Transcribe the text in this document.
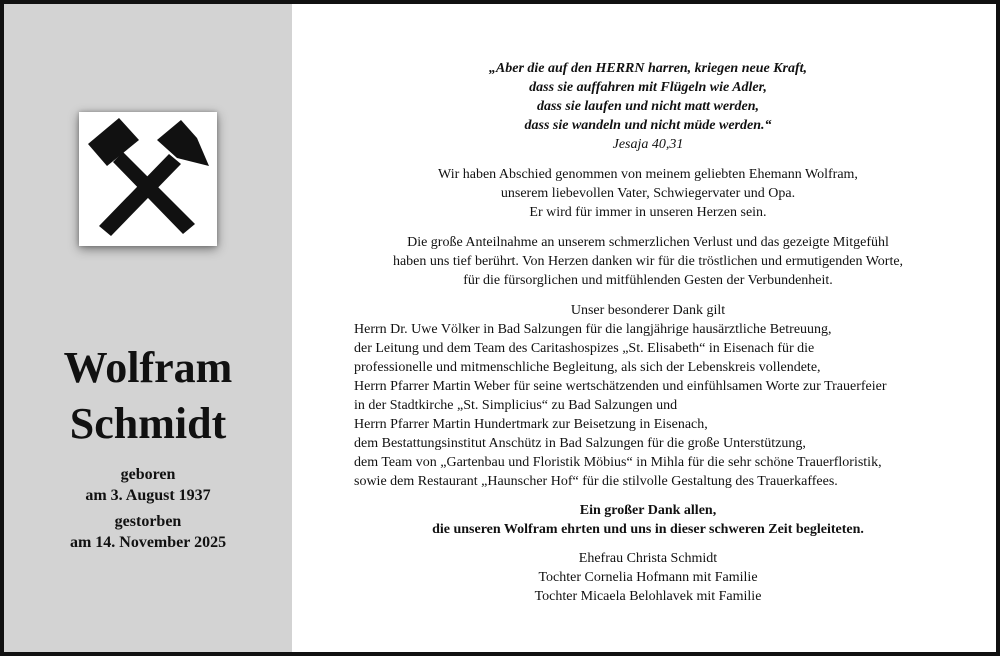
Wolfram
Schmidt
geboren
am 3. August 1937
gestorben
am 14. November 2025
„Aber die auf den HERRN harren, kriegen neue Kraft,
dass sie auffahren mit Flügeln wie Adler,
dass sie laufen und nicht matt werden,
dass sie wandeln und nicht müde werden.“
Jesaja 40,31
Wir haben Abschied genommen von meinem geliebten Ehemann Wolfram,
unserem liebevollen Vater, Schwiegervater und Opa.
Er wird für immer in unseren Herzen sein.
Die große Anteilnahme an unserem schmerzlichen Verlust und das gezeigte Mitgefühl
haben uns tief berührt. Von Herzen danken wir für die tröstlichen und ermutigenden Worte,
für die fürsorglichen und mitfühlenden Gesten der Verbundenheit.
Unser besonderer Dank gilt
Herrn Dr. Uwe Völker in Bad Salzungen für die langjährige hausärztliche Betreuung,
der Leitung und dem Team des Caritashospizes „St. Elisabeth“ in Eisenach für die
professionelle und mitmenschliche Begleitung, als sich der Lebenskreis vollendete,
Herrn Pfarrer Martin Weber für seine wertschätzenden und einfühlsamen Worte zur Trauerfeier
in der Stadtkirche „St. Simplicius“ zu Bad Salzungen und
Herrn Pfarrer Martin Hundertmark zur Beisetzung in Eisenach,
dem Bestattungsinstitut Anschütz in Bad Salzungen für die große Unterstützung,
dem Team von „Gartenbau und Floristik Möbius“ in Mihla für die sehr schöne Trauerfloristik,
sowie dem Restaurant „Haunscher Hof“ für die stilvolle Gestaltung des Trauerkaffees.
Ein großer Dank allen,
die unseren Wolfram ehrten und uns in dieser schweren Zeit begleiteten.
Ehefrau Christa Schmidt
Tochter Cornelia Hofmann mit Familie
Tochter Micaela Belohlavek mit Familie
